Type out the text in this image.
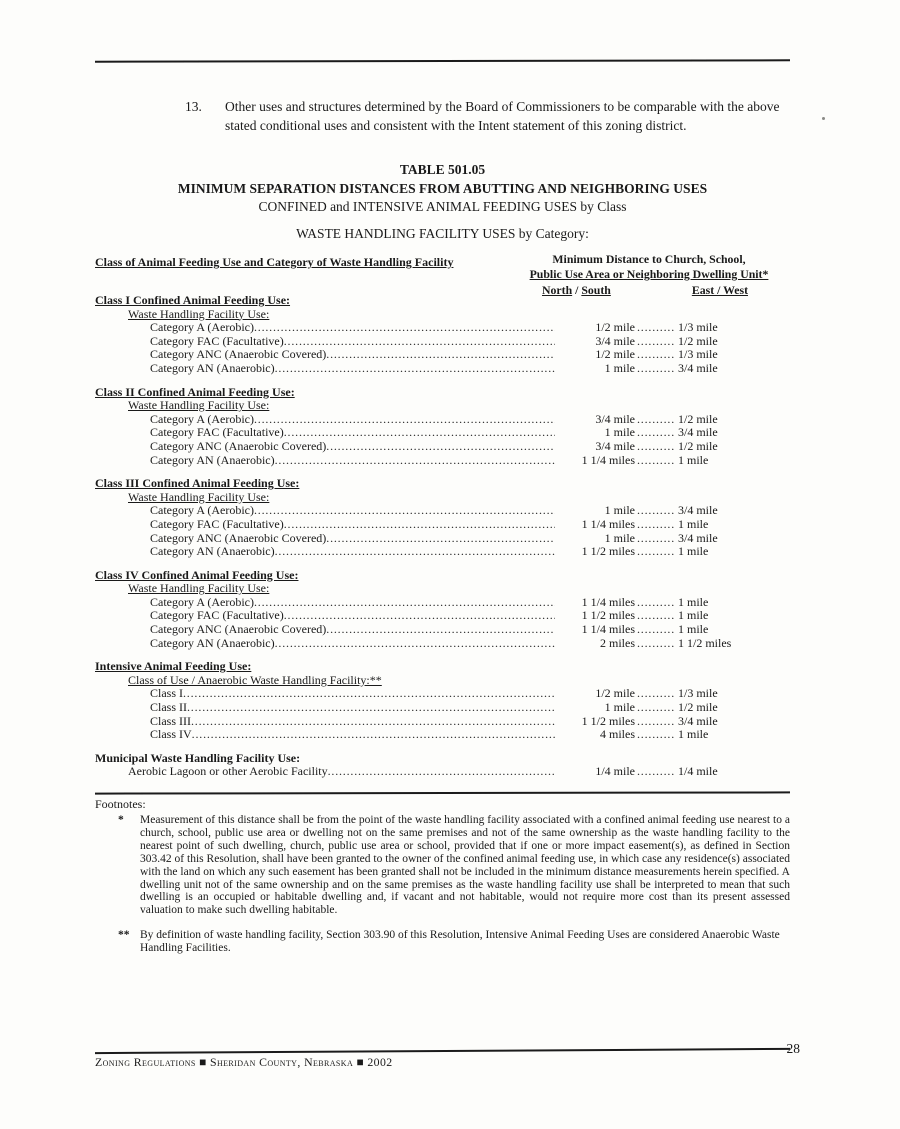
13.	Other uses and structures determined by the Board of Commissioners to be comparable with the above stated conditional uses and consistent with the Intent statement of this zoning district.
TABLE 501.05
MINIMUM SEPARATION DISTANCES FROM ABUTTING AND NEIGHBORING USES
CONFINED and INTENSIVE ANIMAL FEEDING USES by Class
WASTE HANDLING FACILITY USES by Category:
Class of Animal Feeding Use and Category of Waste Handling Facility	Minimum Distance to Church, School,
Public Use Area or Neighboring Dwelling Unit*
North / South	East / West
Class I Confined Animal Feeding Use:
Waste Handling Facility Use:
Category A (Aerobic) .....	1/2 mile .....	1/3 mile
Category FAC (Facultative) .....	3/4 mile .....	1/2 mile
Category ANC (Anaerobic Covered) .....	1/2 mile .....	1/3 mile
Category AN (Anaerobic) .....	1 mile .....	3/4 mile
Class II Confined Animal Feeding Use:
Waste Handling Facility Use:
Category A (Aerobic) .....	3/4 mile .....	1/2 mile
Category FAC (Facultative) .....	1 mile .....	3/4 mile
Category ANC (Anaerobic Covered) .....	3/4 mile .....	1/2 mile
Category AN (Anaerobic) .....	1 1/4 miles .....	1 mile
Class III Confined Animal Feeding Use:
Waste Handling Facility Use:
Category A (Aerobic) .....	1 mile .....	3/4 mile
Category FAC (Facultative) .....	1 1/4 miles .....	1 mile
Category ANC (Anaerobic Covered) .....	1 mile .....	3/4 mile
Category AN (Anaerobic) .....	1 1/2 miles .....	1 mile
Class IV Confined Animal Feeding Use:
Waste Handling Facility Use:
Category A (Aerobic) .....	1 1/4 miles .....	1 mile
Category FAC (Facultative) .....	1 1/2 miles .....	1 mile
Category ANC (Anaerobic Covered) .....	1 1/4 miles .....	1 mile
Category AN (Anaerobic) .....	2 miles .....	1 1/2 miles
Intensive Animal Feeding Use:
Class of Use / Anaerobic Waste Handling Facility:**
Class I .....	1/2 mile .....	1/3 mile
Class II .....	1 mile .....	1/2 mile
Class III .....	1 1/2 miles .....	3/4 mile
Class IV .....	4 miles .....	1 mile
Municipal Waste Handling Facility Use:
Aerobic Lagoon or other Aerobic Facility .....	1/4 mile .....	1/4 mile
Footnotes:
*	Measurement of this distance shall be from the point of the waste handling facility associated with a confined animal feeding use nearest to a church, school, public use area or dwelling not on the same premises and not of the same ownership as the waste handling facility to the nearest point of such dwelling, church, public use area or school, provided that if one or more impact easement(s), as defined in Section 303.42 of this Resolution, shall have been granted to the owner of the confined animal feeding use, in which case any residence(s) associated with the land on which any such easement has been granted shall not be included in the minimum distance measurements herein specified. A dwelling unit not of the same ownership and on the same premises as the waste handling facility use shall be interpreted to mean that such dwelling is an occupied or habitable dwelling and, if vacant and not habitable, would not require more cost than its present assessed valuation to make such dwelling habitable.
** By definition of waste handling facility, Section 303.90 of this Resolution, Intensive Animal Feeding Uses are considered Anaerobic Waste Handling Facilities.
Zoning Regulations ■ Sheridan County, Nebraska ■ 2002
28
